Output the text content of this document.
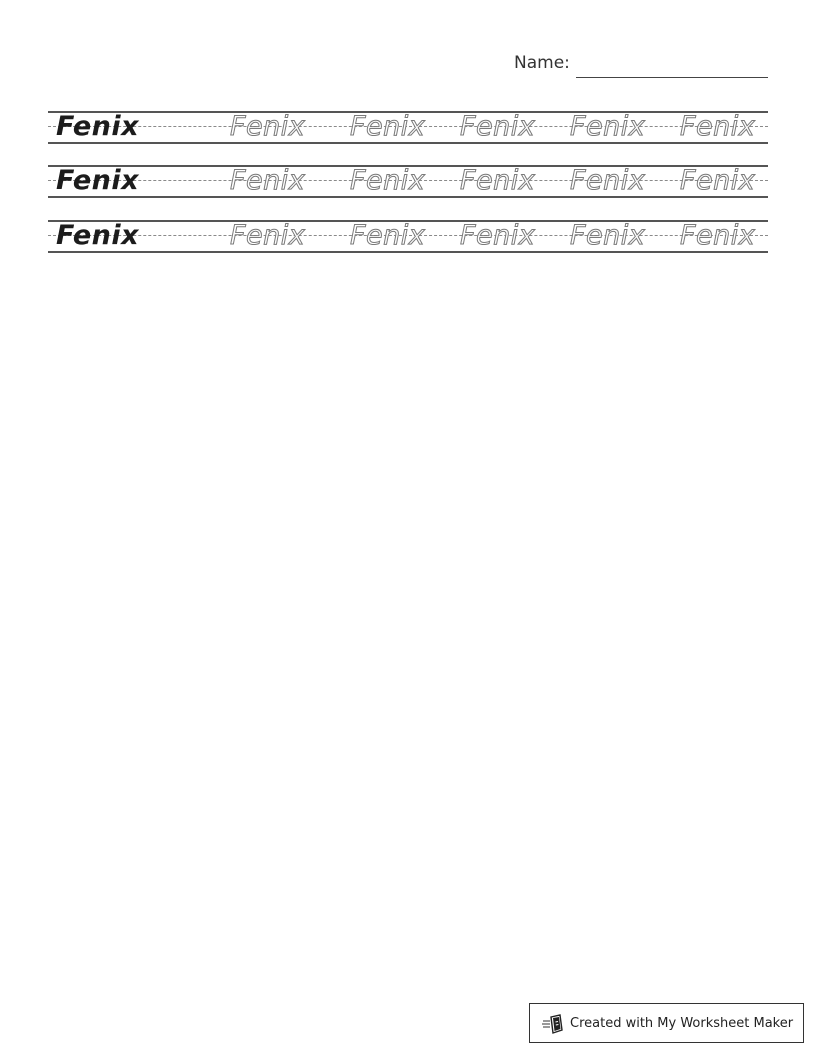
Name:
Fenix	Fenix Fenix Fenix Fenix Fenix
Fenix	Fenix Fenix Fenix Fenix Fenix
Fenix	Fenix Fenix Fenix Fenix Fenix
Created with My Worksheet Maker
